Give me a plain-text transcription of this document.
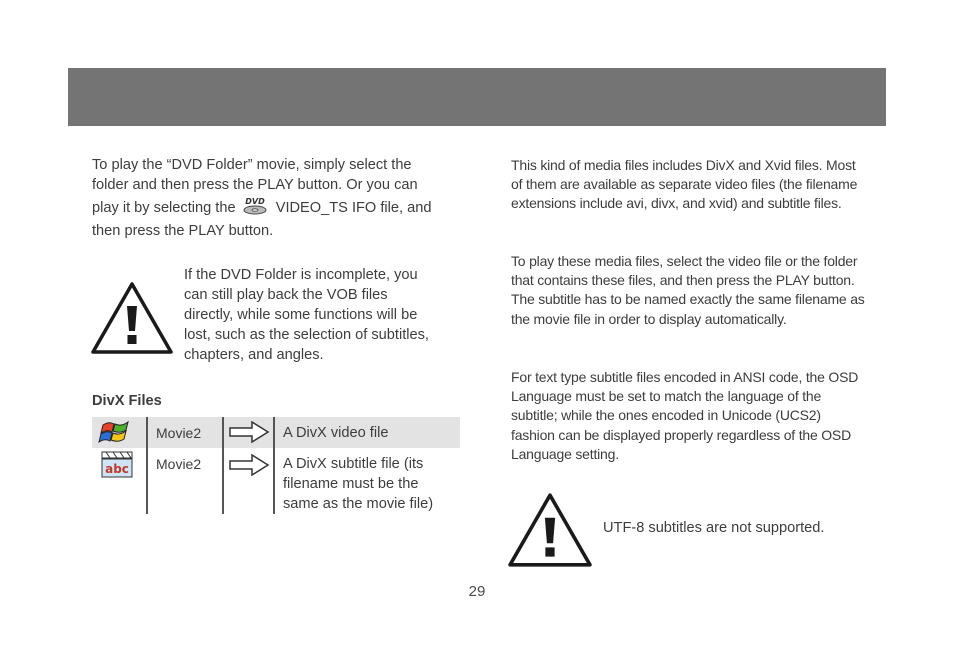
To play the “DVD Folder” movie, simply select the folder and then press the PLAY button. Or you can play it by selecting the DVD VIDEO_TS IFO file, and then press the PLAY button.

If the DVD Folder is incomplete, you can still play back the VOB files directly, while some functions will be lost, such as the selection of subtitles, chapters, and angles.

DivX Files
Movie2	A DivX video file
abc Movie2	A DivX subtitle file (its filename must be the same as the movie file)

This kind of media files includes DivX and Xvid files. Most of them are available as separate video files (the filename extensions include avi, divx, and xvid) and subtitle files.

To play these media files, select the video file or the folder that contains these files, and then press the PLAY button. The subtitle has to be named exactly the same filename as the movie file in order to display automatically.

For text type subtitle files encoded in ANSI code, the OSD Language must be set to match the language of the subtitle; while the ones encoded in Unicode (UCS2) fashion can be displayed properly regardless of the OSD Language setting.

UTF-8 subtitles are not supported.

29
